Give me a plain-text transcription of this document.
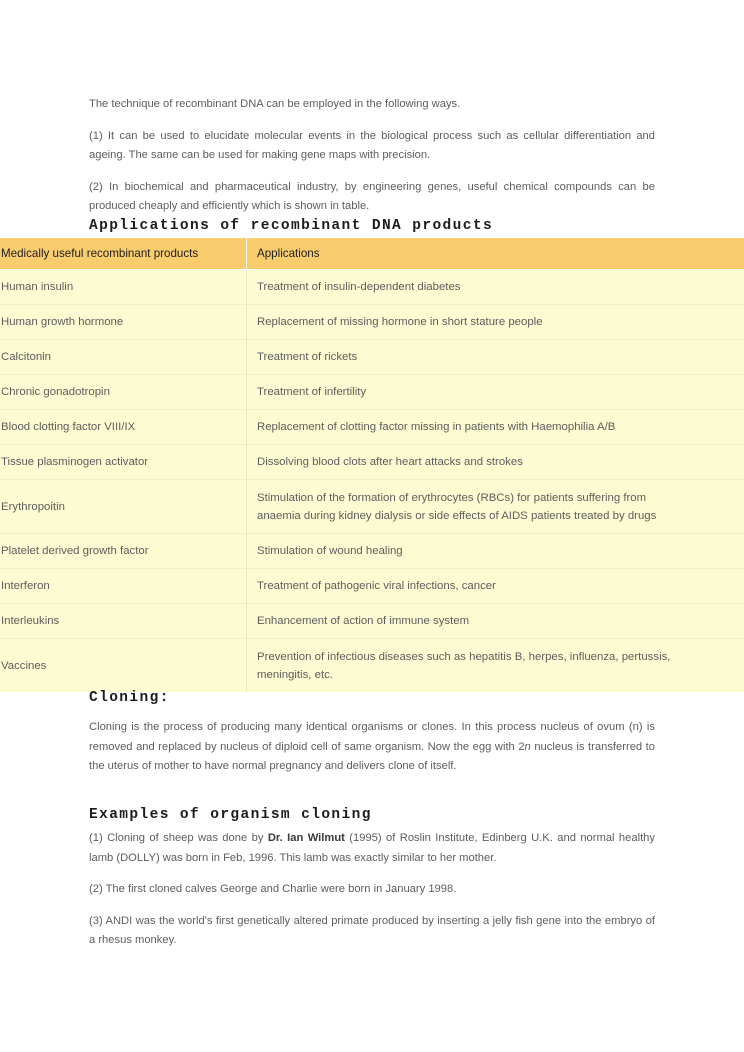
The technique of recombinant DNA can be employed in the following ways.

(1) It can be used to elucidate molecular events in the biological process such as cellular differentiation and ageing. The same can be used for making gene maps with precision.

(2) In biochemical and pharmaceutical industry, by engineering genes, useful chemical compounds can be produced cheaply and efficiently which is shown in table.

Applications of recombinant DNA products
Medically useful recombinant products	Applications
Human insulin	Treatment of insulin-dependent diabetes

Human growth hormone	Replacement of missing hormone in short stature people

Calcitonin	Treatment of rickets

Chronic gonadotropin	Treatment of infertility

Blood clotting factor VIII/IX	Replacement of clotting factor missing in patients with Haemophilia A/B

Tissue plasminogen activator	Dissolving blood clots after heart attacks and strokes

Erythropoitin	Stimulation of the formation of erythrocytes (RBCs) for patients suffering from
anaemia during kidney dialysis or side effects of AIDS patients treated by drugs

Platelet derived growth factor	Stimulation of wound healing

Interferon	Treatment of pathogenic viral infections, cancer

Interleukins	Enhancement of action of immune system

Vaccines	Prevention of infectious diseases such as hepatitis B, herpes, influenza, pertussis,
meningitis, etc.
Cloning:

Cloning is the process of producing many identical organisms or clones. In this process nucleus of ovum (n) is removed and replaced by nucleus of diploid cell of same organism. Now the egg with 2n nucleus is transferred to the uterus of mother to have normal pregnancy and delivers clone of itself.

Examples of organism cloning

(1) Cloning of sheep was done by Dr. Ian Wilmut (1995) of Roslin Institute, Edinberg U.K. and normal healthy lamb (DOLLY) was born in Feb, 1996. This lamb was exactly similar to her mother.

(2) The first cloned calves George and Charlie were born in January 1998.

(3) ANDI was the world's first genetically altered primate produced by inserting a jelly fish gene into the embryo of a rhesus monkey.
